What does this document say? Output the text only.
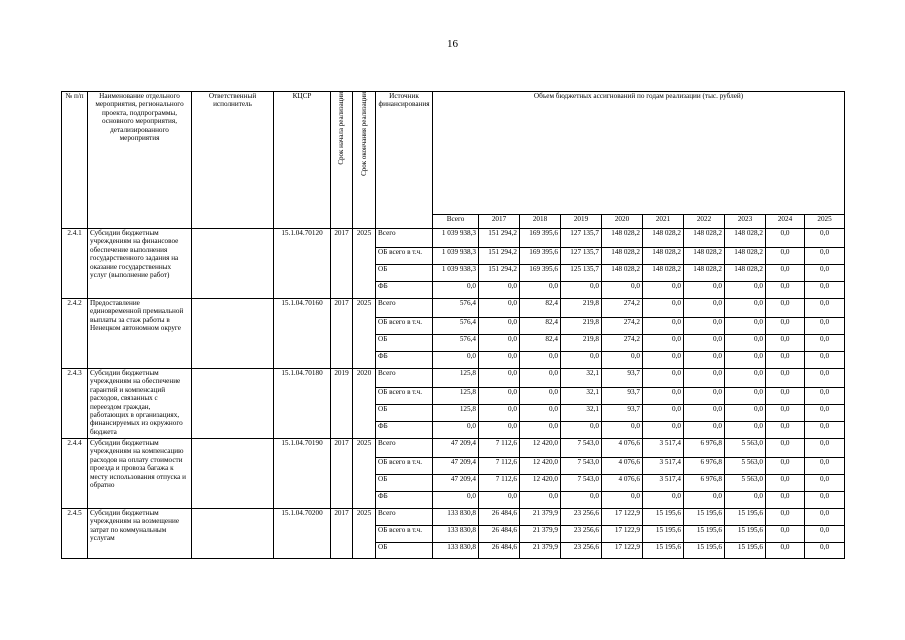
16
№ п/п	Наименование отдельного мероприятия, регионального проекта, подпрограммы, основного мероприятия, детализированного мероприятия	Ответственный исполнитель	КЦСР	Срок начала реализации	Срок окончания реализации	Источник финансирования	Объем бюджетных ассигнований по годам реализации (тыс. рублей)									
							Всего	2017	2018	2019	2020	2021	2022	2023	2024	2025
2.4.1	Субсидии бюджетным учреждениям на финансовое обеспечение выполнения государственного задания на оказание государственных услуг (выполнение работ)		15.1.04.70120	2017	2025	Всего	1 039 938,3	151 294,2	169 395,6	127 135,7	148 028,2	148 028,2	148 028,2	148 028,2	0,0	0,0
						ОБ всего в т.ч.	1 039 938,3	151 294,2	169 395,6	127 135,7	148 028,2	148 028,2	148 028,2	148 028,2	0,0	0,0
						ОБ	1 039 938,3	151 294,2	169 395,6	125 135,7	148 028,2	148 028,2	148 028,2	148 028,2	0,0	0,0
						ФБ	0,0	0,0	0,0	0,0	0,0	0,0	0,0	0,0	0,0	0,0
2.4.2	Предоставление единовременной премиальной выплаты за стаж работы в Ненецком автономном округе		15.1.04.70160	2017	2025	Всего	576,4	0,0	82,4	219,8	274,2	0,0	0,0	0,0	0,0	0,0
						ОБ всего в т.ч.	576,4	0,0	82,4	219,8	274,2	0,0	0,0	0,0	0,0	0,0
						ОБ	576,4	0,0	82,4	219,8	274,2	0,0	0,0	0,0	0,0	0,0
						ФБ	0,0	0,0	0,0	0,0	0,0	0,0	0,0	0,0	0,0	0,0
2.4.3	Субсидии бюджетным учреждениям на обеспечение гарантий и компенсаций расходов, связанных с переездом граждан, работающих в организациях, финансируемых из окружного бюджета		15.1.04.70180	2019	2020	Всего	125,8	0,0	0,0	32,1	93,7	0,0	0,0	0,0	0,0	0,0
						ОБ всего в т.ч.	125,8	0,0	0,0	32,1	93,7	0,0	0,0	0,0	0,0	0,0
						ОБ	125,8	0,0	0,0	32,1	93,7	0,0	0,0	0,0	0,0	0,0
						ФБ	0,0	0,0	0,0	0,0	0,0	0,0	0,0	0,0	0,0	0,0
2.4.4	Субсидии бюджетным учреждениям на компенсацию расходов на оплату стоимости проезда и провоза багажа к месту использования отпуска и обратно		15.1.04.70190	2017	2025	Всего	47 209,4	7 112,6	12 420,0	7 543,0	4 076,6	3 517,4	6 976,8	5 563,0	0,0	0,0
						ОБ всего в т.ч.	47 209,4	7 112,6	12 420,0	7 543,0	4 076,6	3 517,4	6 976,8	5 563,0	0,0	0,0
						ОБ	47 209,4	7 112,6	12 420,0	7 543,0	4 076,6	3 517,4	6 976,8	5 563,0	0,0	0,0
						ФБ	0,0	0,0	0,0	0,0	0,0	0,0	0,0	0,0	0,0	0,0
2.4.5	Субсидии бюджетным учреждениям на возмещение затрат по коммунальным услугам		15.1.04.70200	2017	2025	Всего	133 830,8	26 484,6	21 379,9	23 256,6	17 122,9	15 195,6	15 195,6	15 195,6	0,0	0,0
						ОБ всего в т.ч.	133 830,8	26 484,6	21 379,9	23 256,6	17 122,9	15 195,6	15 195,6	15 195,6	0,0	0,0
						ОБ	133 830,8	26 484,6	21 379,9	23 256,6	17 122,9	15 195,6	15 195,6	15 195,6	0,0	0,0
